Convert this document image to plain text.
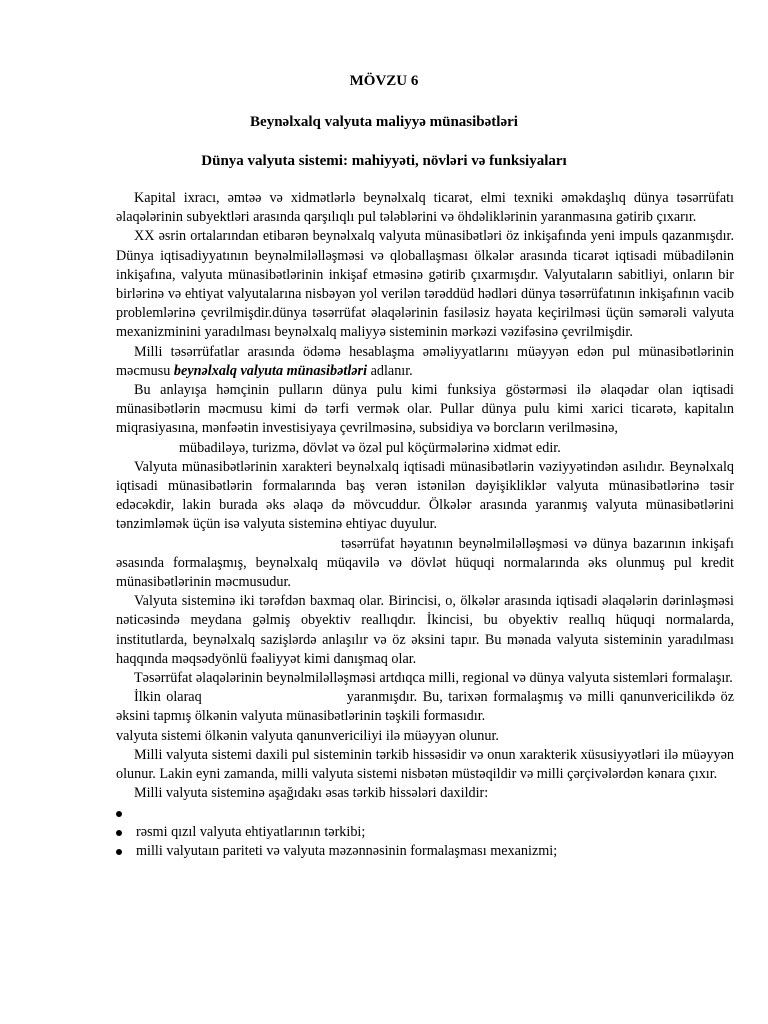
MÖVZU 6

Beynəlxalq valyuta maliyyə münasibətləri

Dünya valyuta sistemi: mahiyyəti, növləri və funksiyaları

Kapital ixracı, əmtəə və xidmətlərlə beynəlxalq ticarət, elmi texniki əməkdaşlıq dünya təsərrüfatı əlaqələrinin subyektləri arasında qarşılıqlı pul tələblərini və öhdəliklərinin yaranmasına gətirib çıxarır.

XX əsrin ortalarından etibarən beynəlxalq valyuta münasibətləri öz inkişafında yeni impuls qazanmışdır. Dünya iqtisadiyyatının beynəlmiləlləşməsi və qloballaşması ölkələr arasında ticarət iqtisadi mübadilənin inkişafına, valyuta münasibətlərinin inkişaf etməsinə gətirib çıxarmışdır. Valyutaların sabitliyi, onların bir birlərinə və ehtiyat valyutalarına nisbəyən yol verilən tərəddüd hədləri dünya təsərrüfatının inkişafının vacib problemlərinə çevrilmişdir.dünya təsərrüfat əlaqələrinin fasiləsiz həyata keçirilməsi üçün səmərəli valyuta mexanizminini yaradılması beynəlxalq maliyyə sisteminin mərkəzi vəzifəsinə çevrilmişdir.

Milli təsərrüfatlar arasında ödəmə hesablaşma əməliyyatlarını müəyyən edən pul münasibətlərinin məcmusu beynəlxalq valyuta münasibətləri adlanır.

Bu anlayışa həmçinin pulların dünya pulu kimi funksiya göstərməsi ilə əlaqədar olan iqtisadi münasibətlərin məcmusu kimi də tərfi vermək olar. Pullar dünya pulu kimi xarici ticarətə, kapitalın miqrasiyasına, mənfəətin investisiyaya çevrilməsinə, subsidiya və borcların verilməsinə,

mübadiləyə, turizmə, dövlət və özəl pul köçürmələrinə xidmət edir.

Valyuta münasibətlərinin xarakteri beynəlxalq iqtisadi münasibətlərin vəziyyətindən asılıdır. Beynəlxalq iqtisadi münasibətlərin formalarında baş verən istənilən dəyişikliklər valyuta münasibətlərinə təsir edəcəkdir, lakin burada əks əlaqə də mövcuddur. Ölkələr arasında yaranmış valyuta münasibətlərini tənzimləmək üçün isə valyuta sisteminə ehtiyac duyulur.

təsərrüfat həyatının beynəlmiləlləşməsi və dünya bazarının inkişafı əsasında formalaşmış, beynəlxalq müqavilə və dövlət hüquqi normalarında əks olunmuş pul kredit münasibətlərinin məcmusudur.

Valyuta sisteminə iki tərəfdən baxmaq olar. Birincisi, o, ölkələr arasında iqtisadi əlaqələrin dərinləşməsi nəticəsində meydana gəlmiş obyektiv reallıqdır. İkincisi, bu obyektiv reallıq hüquqi normalarda, institutlarda, beynəlxalq sazişlərdə anlaşılır və öz əksini tapır. Bu mənada valyuta sisteminin yaradılması haqqında məqsədyönlü fəaliyyət kimi danışmaq olar.

Təsərrüfat əlaqələrinin beynəlmiləlləşməsi artdıqca milli, regional və dünya valyuta sistemləri formalaşır.

İlkin olaraq	yaranmışdır. Bu, tarixən formalaşmış və milli qanunvericilikdə öz əksini tapmış ölkənin valyuta münasibətlərinin təşkili formasıdır.

valyuta sistemi ölkənin valyuta qanunvericiliyi ilə müəyyən olunur.

Milli valyuta sistemi daxili pul sisteminin tərkib hissəsidir və onun xarakterik xüsusiyyətləri ilə müəyyən olunur. Lakin eyni zamanda, milli valyuta sistemi nisbətən müstəqildir və milli çərçivələrdən kənara çıxır.

Milli valyuta sisteminə aşağıdakı əsas tərkib hissələri daxildir:

rəsmi qızıl valyuta ehtiyatlarının tərkibi;
milli valyutaın pariteti və valyuta məzənnəsinin formalaşması mexanizmi;
